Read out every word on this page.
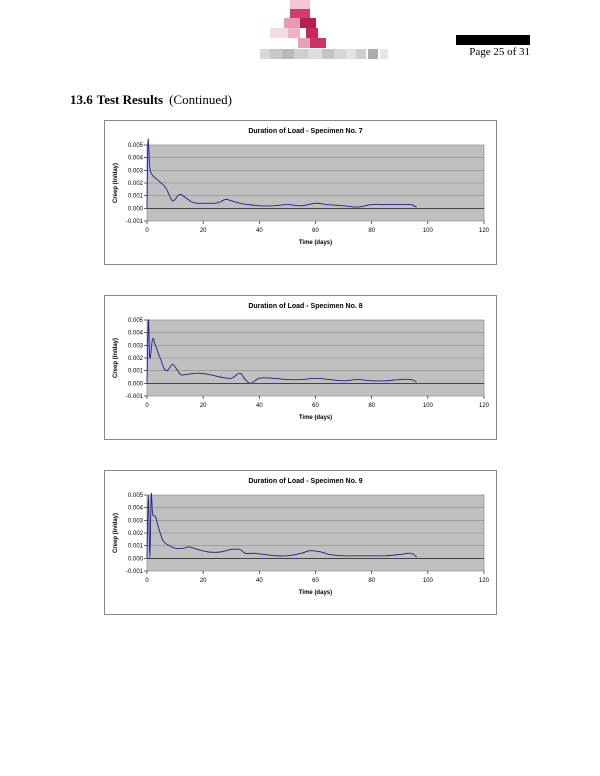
Page 25 of 31
13.6 Test Results (Continued)
Duration of Load - Specimen No. 7
0.005
0.004
0.003
0.002
0.001
0.000
-0.001
0	20	40	60	80	100	120
Time (days)
Creep (in/day)
Duration of Load - Specimen No. 8
0.005
0.004
0.003
0.002
0.001
0.000
-0.001
0	20	40	60	80	100	120
Time (days)
Creep (in/day)
Duration of Load - Specimen No. 9
0.005
0.004
0.003
0.002
0.001
0.000
-0.001
0	20	40	60	80	100	120
Time (days)
Creep (in/day)
